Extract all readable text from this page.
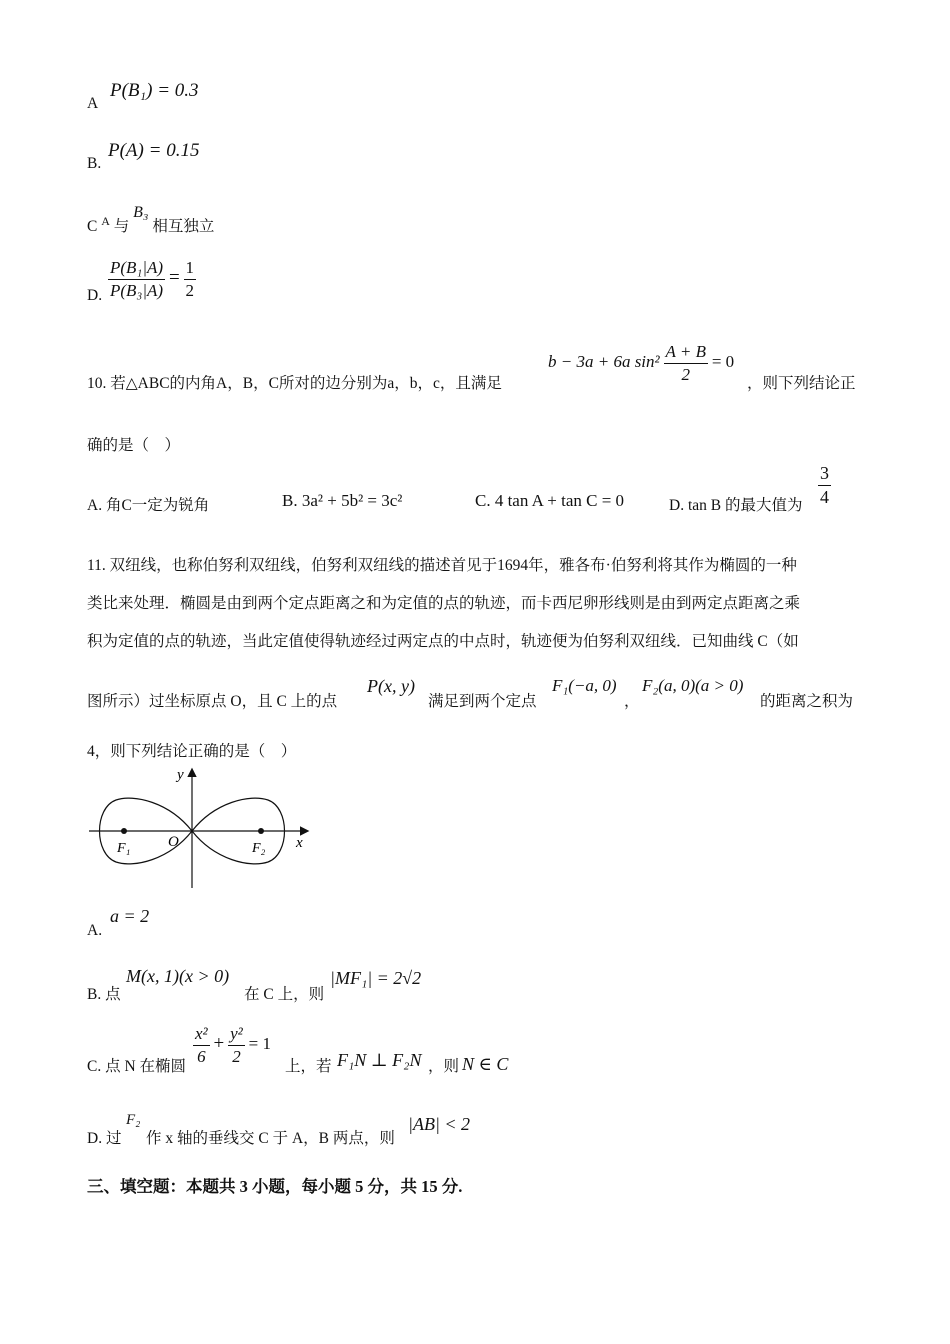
A
P(B₁) = 0.3
B.
P(A) = 0.15
C $_A$ 与 B₃ 相互独立
D. $\frac{\text{P(B₁|A)}}{\text{P(B₃|A)}} = \frac{1}{2}$
10. 若△ABC的内角A，B，C所对的边分别为a，b，c，且满足
b − 3a + 6a $\sin^2 \frac{A + B}{2} = 0$
，则下列结论正
确的是（　）
A. 角C一定为锐角	B. 3a² + 5b² = 3c²	C. 4 tan A + tan C = 0	D. tan B 的最大值为 $\frac{3}{4}$
11. 双纽线，也称伯努利双纽线，伯努利双纽线的描述首见于1694年，雅各布·伯努利将其作为椭圆的一种
类比来处理．椭圆是由到两个定点距离之和为定值的点的轨迹，而卡西尼卵形线则是由到两定点距离之乘
积为定值的点的轨迹，当此定值使得轨迹经过两定点的中点时，轨迹便为伯努利双纽线．已知曲线 C（如
图所示）过坐标原点 O，且 C 上的点
P(x, y)
满足到两个定点
F₁(−a, 0)
，
F₂(a, 0)(a > 0)
的距离之积为
4，则下列结论正确的是（　）
y
x
O
F₁	F₂
A.
a = 2
B. 点
M(x, 1)(x > 0)
在 C 上，则
|MF₁| = 2√2
C. 点 N 在椭圆 $\frac{\text{x²}}{6} + \frac{\text{y²}}{2} = 1$
上，若 F₁N ⊥ F₂N ，则 N ∈ C
D. 过
F₂
作 x 轴的垂线交 C 于 A，B 两点，则
|AB| < 2
三、填空题：本题共 3 小题，每小题 5 分，共 15 分.
